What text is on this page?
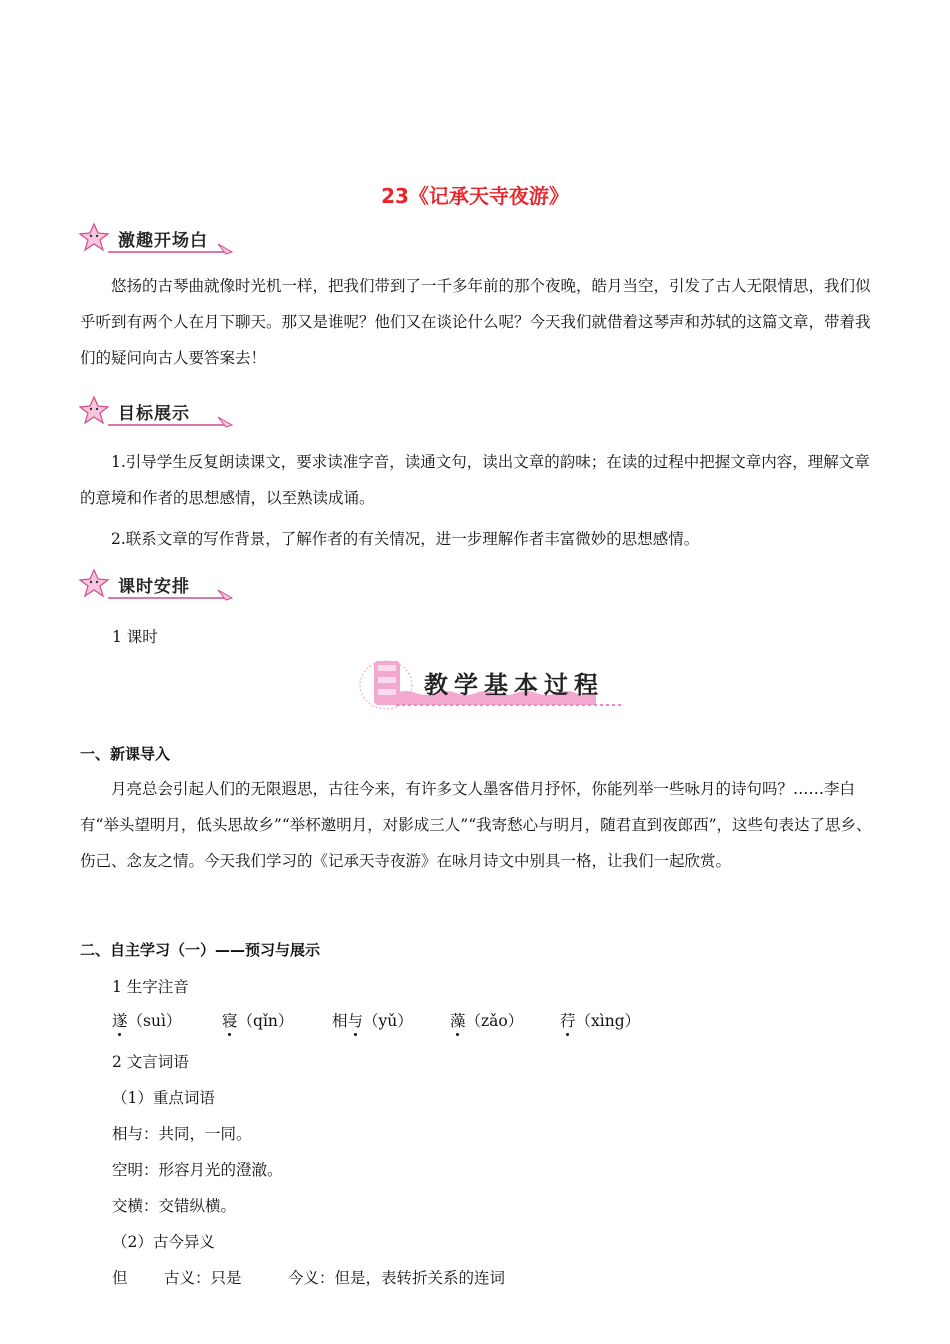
23《记承天寺夜游》
激趣开场白
悠扬的古琴曲就像时光机一样，把我们带到了一千多年前的那个夜晚，皓月当空，引发了古人无限情思，我们似乎听到有两个人在月下聊天。那又是谁呢？他们又在谈论什么呢？今天我们就借着这琴声和苏轼的这篇文章，带着我们的疑问向古人要答案去！
目标展示
1.引导学生反复朗读课文，要求读准字音，读通文句，读出文章的韵味；在读的过程中把握文章内容，理解文章的意境和作者的思想感情，以至熟读成诵。
2.联系文章的写作背景，了解作者的有关情况，进一步理解作者丰富微妙的思想感情。
课时安排
1 课时
教学基本过程
一、新课导入
月亮总会引起人们的无限遐思，古往今来，有许多文人墨客借月抒怀，你能列举一些咏月的诗句吗？……李白有“举头望明月，低头思故乡”“举杯邀明月，对影成三人”“我寄愁心与明月，随君直到夜郎西”，这些句表达了思乡、伤己、念友之情。今天我们学习的《记承天寺夜游》在咏月诗文中别具一格，让我们一起欣赏。
二、自主学习（一）——预习与展示
1 生字注音
遂（suì）	寝（qǐn） 相与（yǔ） 藻（zǎo） 荇（xìng）
2 文言词语
（1）重点词语
相与：共同，一同。
空明：形容月光的澄澈。
交横：交错纵横。
（2）古今异义
但 古义：只是	今义：但是，表转折关系的连词
